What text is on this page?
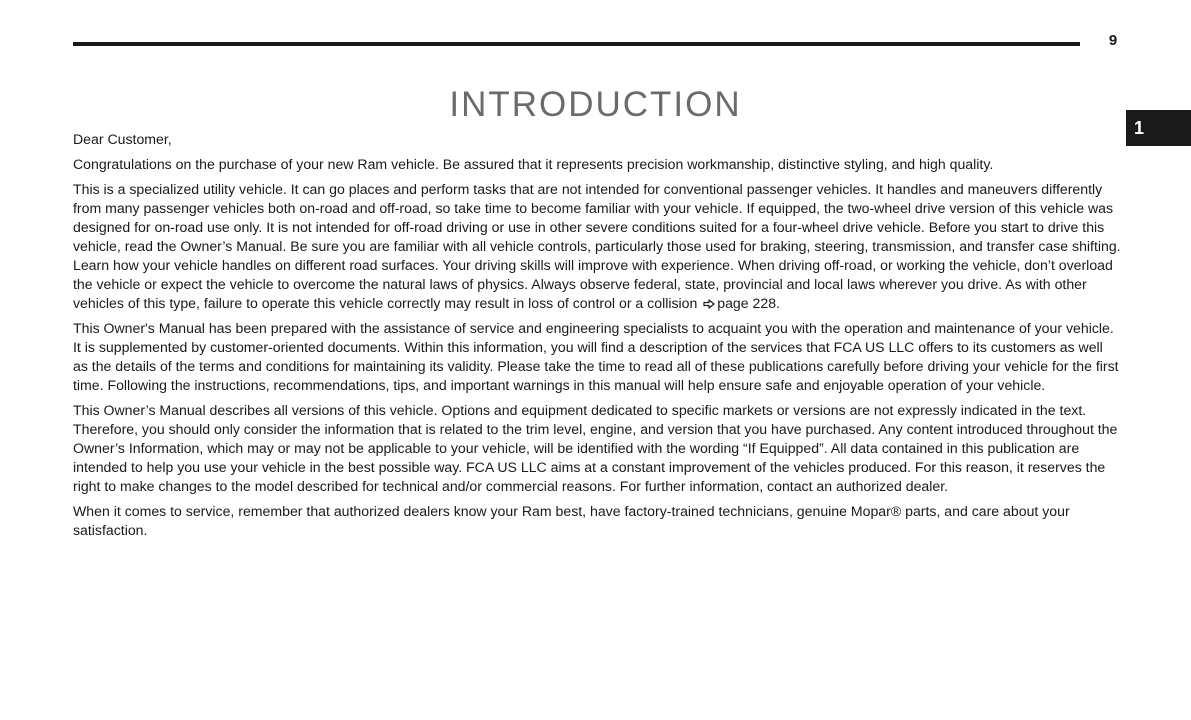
9
INTRODUCTION
1

Dear Customer,

Congratulations on the purchase of your new Ram vehicle. Be assured that it represents precision workmanship, distinctive styling, and high quality.

This is a specialized utility vehicle. It can go places and perform tasks that are not intended for conventional passenger vehicles. It handles and maneuvers differently from many passenger vehicles both on-road and off-road, so take time to become familiar with your vehicle. If equipped, the two-wheel drive version of this vehicle was designed for on-road use only. It is not intended for off-road driving or use in other severe conditions suited for a four-wheel drive vehicle. Before you start to drive this vehicle, read the Owner’s Manual. Be sure you are familiar with all vehicle controls, particularly those used for braking, steering, transmission, and transfer case shifting. Learn how your vehicle handles on different road surfaces. Your driving skills will improve with experience. When driving off-road, or working the vehicle, don’t overload the vehicle or expect the vehicle to overcome the natural laws of physics. Always observe federal, state, provincial and local laws wherever you drive. As with other vehicles of this type, failure to operate this vehicle correctly may result in loss of control or a collision page 228.

This Owner's Manual has been prepared with the assistance of service and engineering specialists to acquaint you with the operation and maintenance of your vehicle. It is supplemented by customer-oriented documents. Within this information, you will find a description of the services that FCA US LLC offers to its customers as well as the details of the terms and conditions for maintaining its validity. Please take the time to read all of these publications carefully before driving your vehicle for the first time. Following the instructions, recommendations, tips, and important warnings in this manual will help ensure safe and enjoyable operation of your vehicle.

This Owner’s Manual describes all versions of this vehicle. Options and equipment dedicated to specific markets or versions are not expressly indicated in the text. Therefore, you should only consider the information that is related to the trim level, engine, and version that you have purchased. Any content introduced throughout the Owner’s Information, which may or may not be applicable to your vehicle, will be identified with the wording “If Equipped”. All data contained in this publication are intended to help you use your vehicle in the best possible way. FCA US LLC aims at a constant improvement of the vehicles produced. For this reason, it reserves the right to make changes to the model described for technical and/or commercial reasons. For further information, contact an authorized dealer.

When it comes to service, remember that authorized dealers know your Ram best, have factory-trained technicians, genuine Mopar® parts, and care about your satisfaction.
